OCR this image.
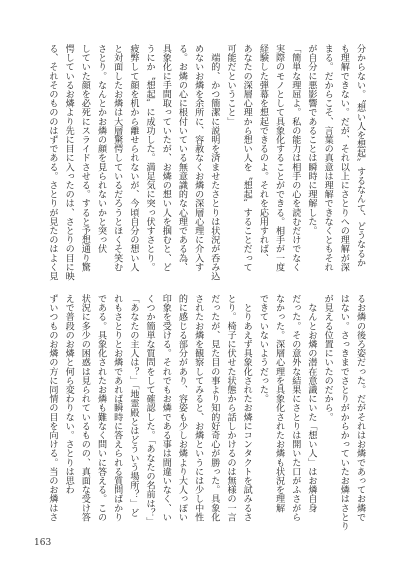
分からない。〝想い人を想起〟するなんて、どうなるか
も理解できない。だが、それ以上にさとりへの理解が深
まる。だからこそ、言葉の真意は理解できなくともそれ
が自分に悪影響であることは瞬時に理解した。
「簡単な理屈よ。私の能力は相手の心を読むだけでなく
実際のモノとして具象化することができる。相手が一度
経験した弾幕を想起できるのよ。それを応用すれば、
あなたの深層心理から想い人を〝想起〟することだって
可能だということ」
　端的、かつ簡潔に説明を済ませたさとりは状況が呑み込
めないお燐を余所に、容赦なくお燐の深層心理に介入す
る。お燐の心に根付いている無意識的な心理である為、
具象化に手間取っていたが、お燐の想い人を掴むと、ど
うにか〝想起〟に成功した。満足気に突っ伏すさとり。
疲弊して顔を机から離せられないが、今頃自分の想い人
と対面したお燐は大層驚愕しているだろうとほくそ笑む
さとり。なんとかお燐の顔を見られないかと突っ伏
していた顔を必死にスライドさせる。すると予想通り驚
愕しているお燐より先に目に入ったのは、さとりの目に映
る、それそのもののはずである。さとりが見たのはよく見
るお燐の後ろ姿だった。だがそれはお燐であってお燐で
はない。さっきまでさとりがからかっていたお燐はさとり
が見える位置にいたのだから。
　なんとお燐の潜在意識にいた「想い人」はお燐自身
だった。その意外な結果にさとりは開いた口がふさがら
なかった。深層心理を具象化されたお燐も状況を理解
できていないようだった。
　とりあえず具象化されたお燐にコンタクトを試みるさ
とり。椅子に伏せた状態から話しかけるのは無様の一言
だったが、見た目の事より知的好奇心が勝った。具象化
されたお燐を観察してみると、お燐というには少し中性
的に感じる部分があり、容姿も少しお燐より大人っぽい
印象を受ける。それでもお燐である事は間違いなく、い
くつか簡単な質問をして確認した。「あなたの名前は？」
「あなたの主人は？」「地霊殿とはどういう場所？」ど
れもさとりとお燐であれば瞬時に答えられる質問ばかり
である。具象化されたお燐も難なく問いに答える。この
状況に多少の困惑は見られているものの、真面な受け答
えで普段のお燐と何ら変わりない。さとりは思わ
ずいつものお燐の方に同情の目を向ける。当のお燐はさ
163
